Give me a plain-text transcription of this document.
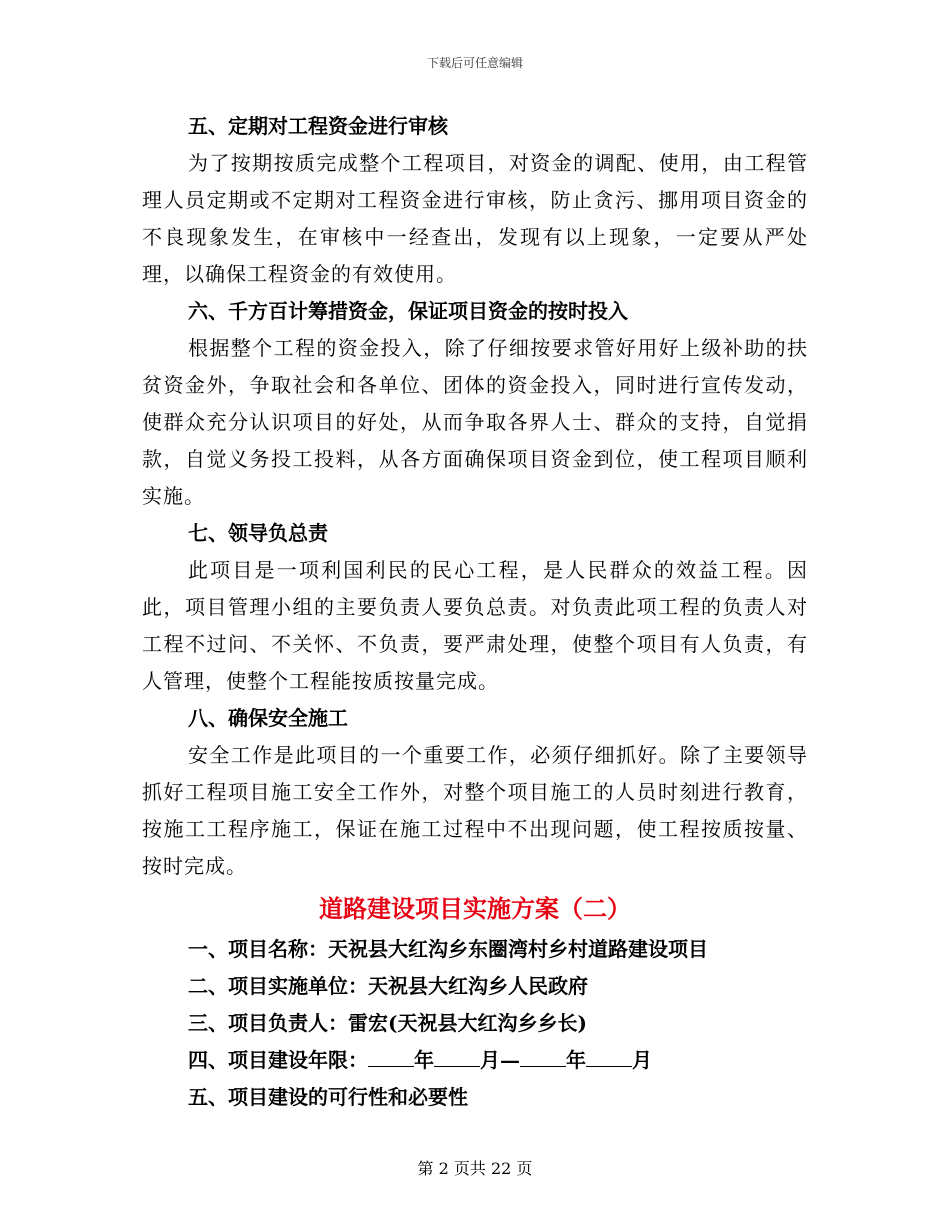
下载后可任意编辑
五、定期对工程资金进行审核
为了按期按质完成整个工程项目，对资金的调配、使用，由工程管理人员定期或不定期对工程资金进行审核，防止贪污、挪用项目资金的不良现象发生，在审核中一经查出，发现有以上现象，一定要从严处理，以确保工程资金的有效使用。
六、千方百计筹措资金，保证项目资金的按时投入
根据整个工程的资金投入，除了仔细按要求管好用好上级补助的扶贫资金外，争取社会和各单位、团体的资金投入，同时进行宣传发动，使群众充分认识项目的好处，从而争取各界人士、群众的支持，自觉捐款，自觉义务投工投料，从各方面确保项目资金到位，使工程项目顺利实施。
七、领导负总责
此项目是一项利国利民的民心工程，是人民群众的效益工程。因此，项目管理小组的主要负责人要负总责。对负责此项工程的负责人对工程不过问、不关怀、不负责，要严肃处理，使整个项目有人负责，有人管理，使整个工程能按质按量完成。
八、确保安全施工
安全工作是此项目的一个重要工作，必须仔细抓好。除了主要领导抓好工程项目施工安全工作外，对整个项目施工的人员时刻进行教育，按施工工程序施工，保证在施工过程中不出现问题，使工程按质按量、按时完成。
道路建设项目实施方案（二）
一、项目名称：天祝县大红沟乡东圈湾村乡村道路建设项目
二、项目实施单位：天祝县大红沟乡人民政府
三、项目负责人：雷宏(天祝县大红沟乡乡长)
四、项目建设年限： 年 月— 年 月
五、项目建设的可行性和必要性
第 2 页共 22 页
